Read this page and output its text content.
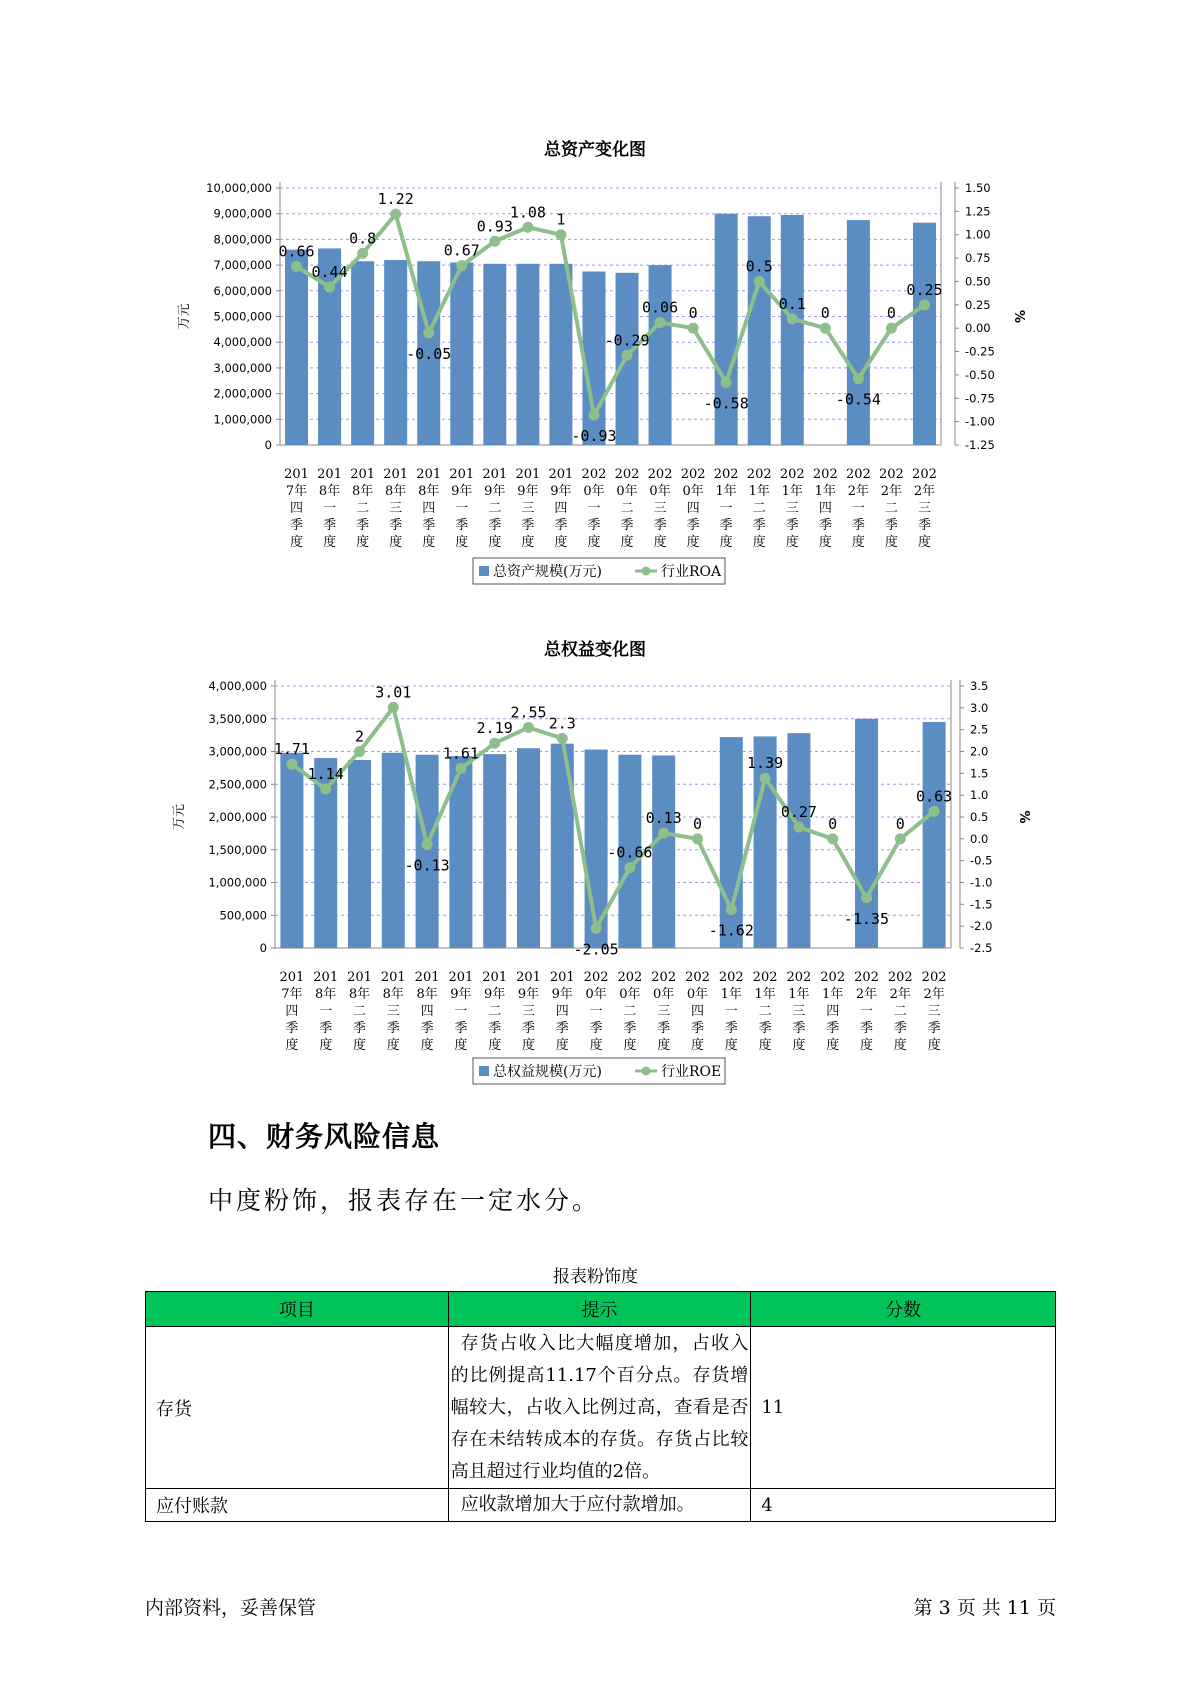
总资产变化图
0
1,000,000
2,000,000
3,000,000
4,000,000
5,000,000
6,000,000
7,000,000
8,000,000
9,000,000
10,000,000
-1.25
-1.00
-0.75
-0.50
-0.25
0.00
0.25
0.50
0.75
1.00
1.25
1.50
万元	%
0.66
0.44
0.8
1.22
-0.05
0.67
0.93
1.08 1
-0.93
-0.29
0.06 0
-0.58
0.5
0.1
0
-0.54
0
0.25
201
7年
四
季
度
201
8年
一
季
度
201
8年
二
季
度
201
8年
三
季
度
201
8年
四
季
度
201
9年
一
季
度
201
9年
二
季
度
201
9年
三
季
度
201
9年
四
季
度
202
0年
一
季
度
202
0年
二
季
度
202
0年
三
季
度
202
0年
四
季
度
202
1年
一
季
度
202
1年
二
季
度
202
1年
三
季
度
202
1年
四
季
度
202
2年
一
季
度
202
2年
二
季
度
202
2年
三
季
度
总资产规模(万元)	行业ROA
总权益变化图
0
500,000
1,000,000
1,500,000
2,000,000
2,500,000
3,000,000
3,500,000
4,000,000
-2.5
-2.0
-1.5
-1.0
-0.5
0.0
0.5
1.0
1.5
2.0
2.5
3.0
3.5
万元	%
1.71
1.14
2
3.01
-0.13
1.61
2.19
2.55
2.3
-2.05
-0.66
0.13 0
-1.62
1.39
0.27
0
-1.35
0
0.63
201
7年
四
季
度
201
8年
一
季
度
201
8年
二
季
度
201
8年
三
季
度
201
8年
四
季
度
201
9年
一
季
度
201
9年
二
季
度
201
9年
三
季
度
201
9年
四
季
度
202
0年
一
季
度
202
0年
二
季
度
202
0年
三
季
度
202
0年
四
季
度
202
1年
一
季
度
202
1年
二
季
度
202
1年
三
季
度
202
1年
四
季
度
202
2年
一
季
度
202
2年
二
季
度
202
2年
三
季
度
总权益规模(万元)	行业ROE
四、财务风险信息
中度粉饰，报表存在一定水分。
报表粉饰度
项目	提示	分数
存货	存货占收入比大幅度增加，占收入的比例提高11.17个百分点。存货增幅较大，占收入比例过高，查看是否存在未结转成本的存货。存货占比较高且超过行业均值的2倍。	11
应付账款	应收款增加大于应付款增加。	4
内部资料，妥善保管	第 3 页 共 11 页
